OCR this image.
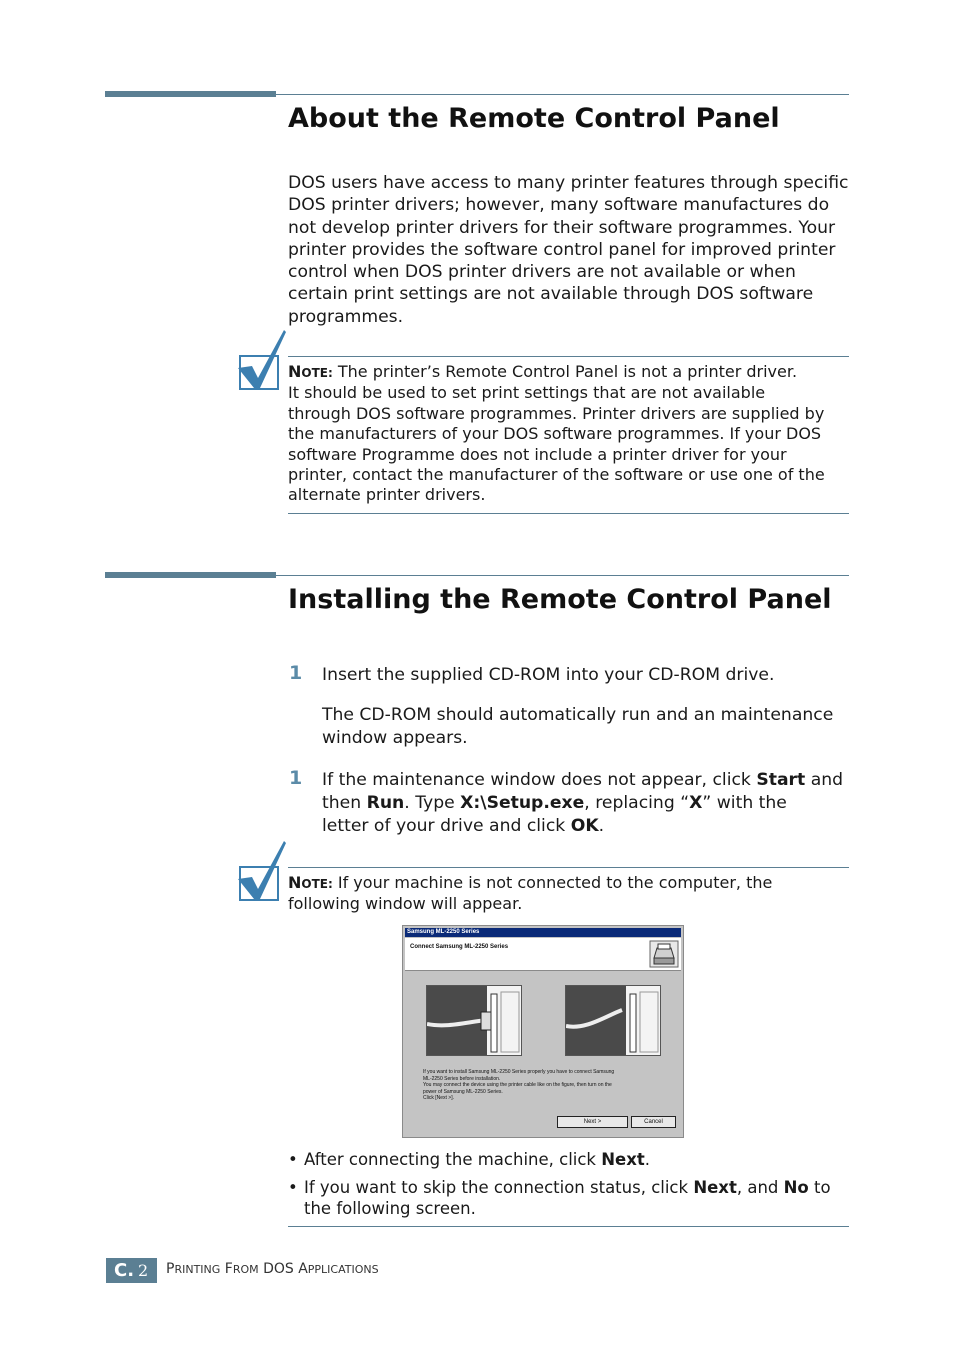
About the Remote Control Panel
DOS users have access to many printer features through specific
DOS printer drivers; however, many software manufactures do
not develop printer drivers for their software programmes. Your
printer provides the software control panel for improved printer
control when DOS printer drivers are not available or when
certain print settings are not available through DOS software
programmes.
NOTE: The printer’s Remote Control Panel is not a printer driver.
It should be used to set print settings that are not available
through DOS software programmes. Printer drivers are supplied by
the manufacturers of your DOS software programmes. If your DOS
software Programme does not include a printer driver for your
printer, contact the manufacturer of the software or use one of the
alternate printer drivers.
Installing the Remote Control Panel
1 Insert the supplied CD-ROM into your CD-ROM drive.
The CD-ROM should automatically run and an maintenance
window appears.
1 If the maintenance window does not appear, click Start and
then Run. Type X:\Setup.exe, replacing “X” with the
letter of your drive and click OK.
NOTE: If your machine is not connected to the computer, the
following window will appear.
Samsung ML-2250 Series
Connect Samsung ML-2250 Series
If you want to install Samsung ML-2250 Series properly you have to connect Samsung
ML-2250 Series before installation.
You may connect the device using the printer cable like on the figure, then turn on the
power of Samsung ML-2250 Series.
Click [Next >].
Next >	Cancel
• After connecting the machine, click Next.
• If you want to skip the connection status, click Next, and No to
the following screen.
C. 2 PRINTING FROM DOS APPLICATIONS
